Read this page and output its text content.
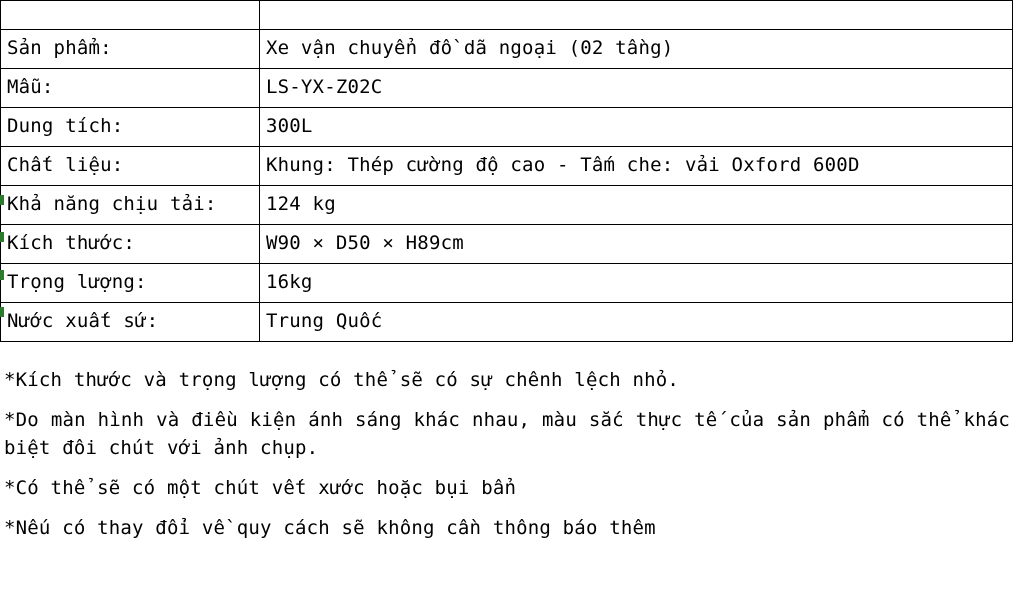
Sản phẩm:	Xe vận chuyển đồ dã ngoại (02 tầng)
Mẫu:	LS-YX-Z02C
Dung tích:	300L
Chất liệu:	Khung: Thép cường độ cao - Tấm che: vải Oxford 600D
Khả năng chịu tải:	124 kg
Kích thước:	W90 × D50 × H89cm
Trọng lượng:	16kg
Nước xuất sứ:	Trung Quốc

*Kích thước và trọng lượng có thể sẽ có sự chênh lệch nhỏ.

*Do màn hình và điều kiện ánh sáng khác nhau, màu sắc thực tế của sản phẩm có thể khác biệt đôi chút với ảnh chụp.

*Có thể sẽ có một chút vết xước hoặc bụi bẩn

*Nếu có thay đổi về quy cách sẽ không cần thông báo thêm
